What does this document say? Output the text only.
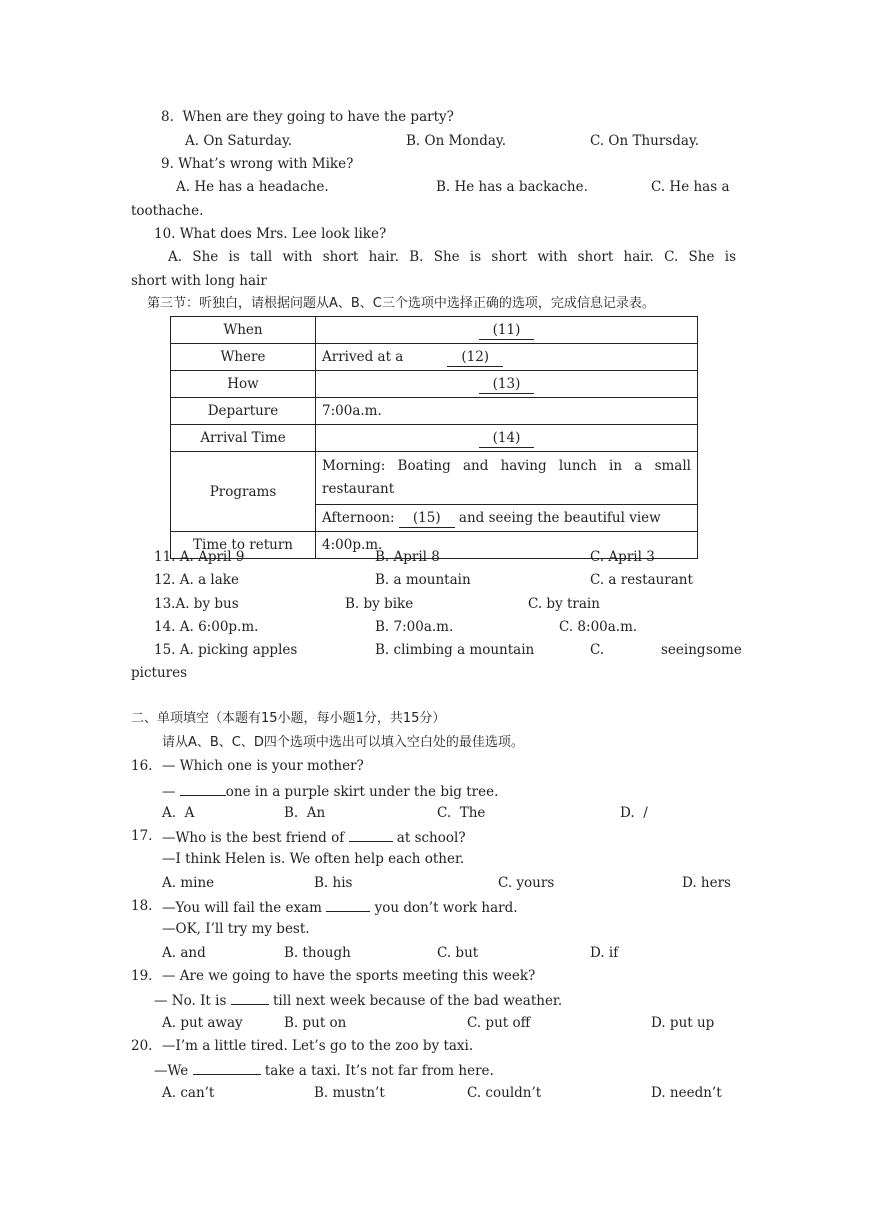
8.  When are they going to have the party?
A. On Saturday.	B. On Monday.	C. On Thursday.
9. What’s wrong with Mike?
A. He has a headache.	B. He has a backache.	C. He has a
toothache.
10. What does Mrs. Lee look like?
A. She is tall with short hair. B. She is short with short hair. C. She is
short with long hair
第三节：听独白，请根据问题从A、B、C三个选项中选择正确的选项，完成信息记录表。
When	(11)
Where	Arrived at a (12)
How	(13)
Departure	7:00a.m.
Arrival Time	(14)
Programs	Morning: Boating and having lunch in a small restaurant
	Afternoon: (15) and seeing the beautiful view
Time to return	4:00p.m.
11. A. April 9	B. April 8	C. April 3
12. A. a lake	B. a mountain	C. a restaurant
13.A. by bus	B. by bike	C. by train
14. A. 6:00p.m.	B. 7:00a.m.	C. 8:00a.m.
15. A. picking apples	B. climbing a mountain	C.	seeing some
pictures
二、单项填空（本题有15小题，每小题1分，共15分）
请从A、B、C、D四个选项中选出可以填入空白处的最佳选项。
16. — Which one is your mother?
—	one in a purple skirt under the big tree.
A.  A	B.  An	C.  The	D.  /
17. —Who is the best friend of	at school?
—I think Helen is. We often help each other.
A. mine	B. his	C. yours	D. hers
18. —You will fail the exam	you don’t work hard.
—OK, I’ll try my best.
A. and	B. though	C. but	D. if
19. — Are we going to have the sports meeting this week?
— No. It is	till next week because of the bad weather.
A. put away	B. put on	C. put off	D. put up
20. —I’m a little tired. Let’s go to the zoo by taxi.
—We	take a taxi. It’s not far from here.
A. can’t	B. mustn’t	C. couldn’t	D. needn’t
